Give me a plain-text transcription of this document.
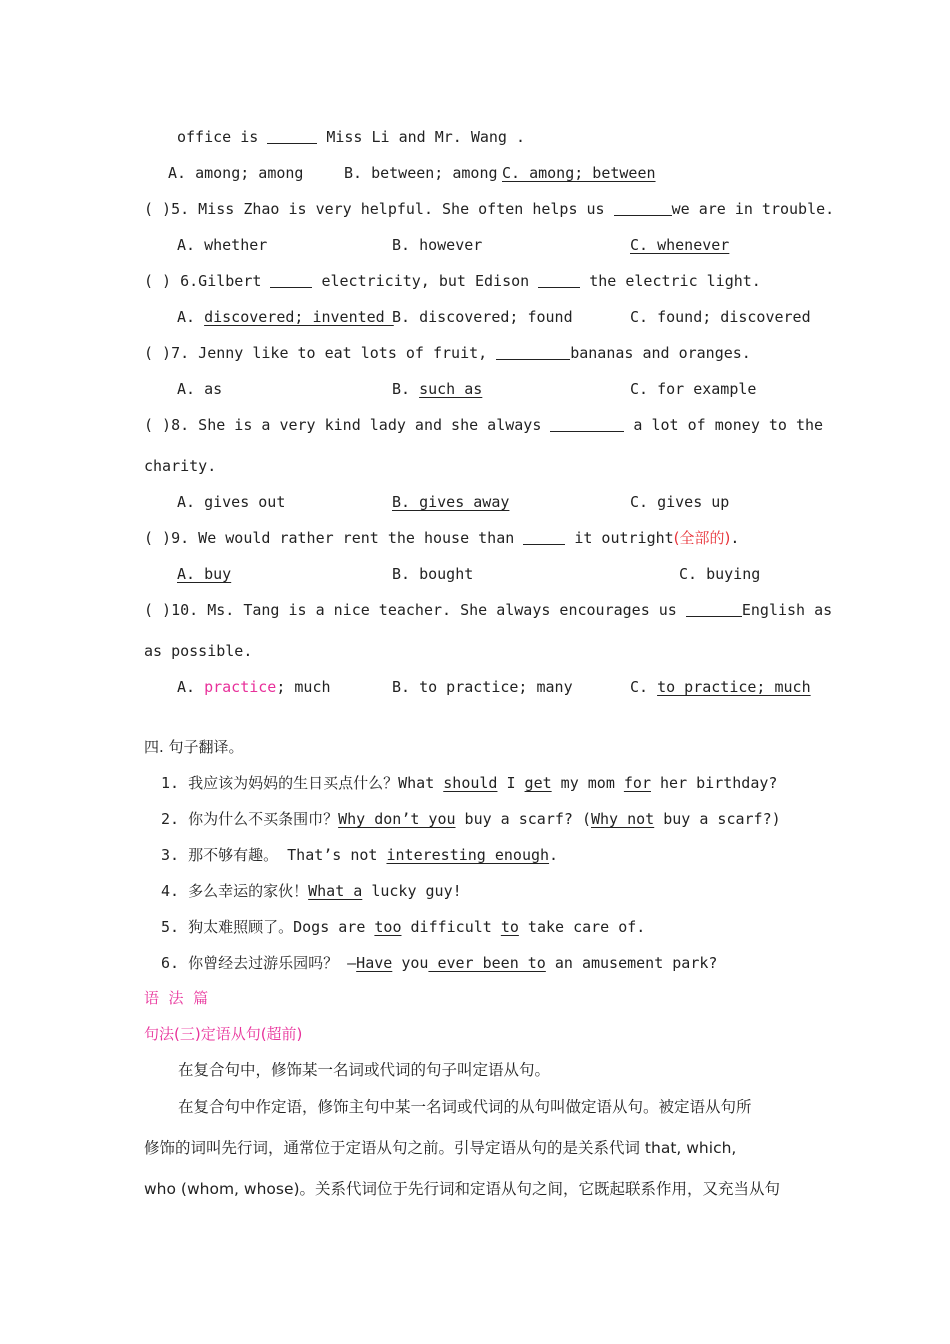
office is	Miss Li and Mr. Wang .
A. among; among	B. between; among C. among; between
( )5. Miss Zhao is very helpful. She often helps us	we are in trouble.
A. whether	B. however	C. whenever
( ) 6.Gilbert	electricity, but Edison	the electric light.
A. discovered; invented
B. discovered; found	C. found; discovered
( )7. Jenny like to eat lots of fruit,	bananas and oranges.
A. as	B. such as	C. for example
( )8. She is a very kind lady and she always	a lot of money to the
charity.
A. gives out	B. gives away	C. gives up
( )9. We would rather rent the house than	it outright(全部的).
A. buy	B. bought	C. buying
( )10. Ms. Tang is a nice teacher. She always encourages us	English as
as possible.
A. practice; much	B. to practice; many	C. to practice; much
四. 句子翻译。
1. 我应该为妈妈的生日买点什么？What should I get my mom for her birthday?
2. 你为什么不买条围巾？Why don’t you buy a scarf? (Why not buy a scarf?)
3. 那不够有趣。 That’s not interesting enough.
4. 多么幸运的家伙！What a lucky guy!
5. 狗太难照顾了。Dogs are too difficult to take care of.
6. 你曾经去过游乐园吗？ –Have you ever been to an amusement park?
语  法  篇
句法(三)定语从句(超前)
在复合句中，修饰某一名词或代词的句子叫定语从句。
在复合句中作定语，修饰主句中某一名词或代词的从句叫做定语从句。被定语从句所
修饰的词叫先行词，通常位于定语从句之前。引导定语从句的是关系代词 that, which,
who (whom, whose)。关系代词位于先行词和定语从句之间，它既起联系作用，又充当从句
